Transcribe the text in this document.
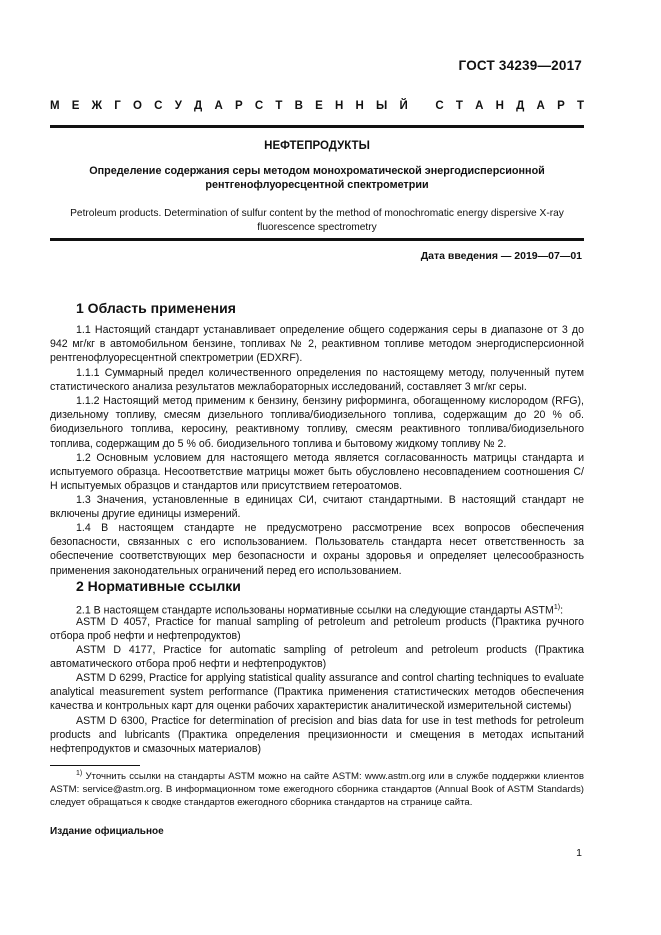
ГОСТ 34239—2017
М Е Ж Г О С У Д А Р С Т В Е Н Н Ы Й
С Т А Н Д А Р Т
НЕФТЕПРОДУКТЫ
Определение содержания серы методом монохроматической энергодисперсионной рентгенофлуоресцентной спектрометрии
Petroleum products. Determination of sulfur content by the method of monochromatic energy dispersive X-ray fluorescence spectrometry
Дата введения — 2019—07—01
1 Область применения

1.1 Настоящий стандарт устанавливает определение общего содержания серы в диапазоне от 3 до 942 мг/кг в автомобильном бензине, топливах № 2, реактивном топливе методом энергодисперсионной рентгенофлуоресцентной спектрометрии (EDXRF).

1.1.1 Суммарный предел количественного определения по настоящему методу, полученный путем статистического анализа результатов межлабораторных исследований, составляет 3 мг/кг серы.

1.1.2 Настоящий метод применим к бензину, бензину риформинга, обогащенному кислородом (RFG), дизельному топливу, смесям дизельного топлива/биодизельного топлива, содержащим до 20 % об. биодизельного топлива, керосину, реактивному топливу, смесям реактивного топлива/биодизельного топлива, содержащим до 5 % об. биодизельного топлива и бытовому жидкому топливу № 2.

1.2 Основным условием для настоящего метода является согласованность матрицы стандарта и испытуемого образца. Несоответствие матрицы может быть обусловлено несовпадением соотношения С/Н испытуемых образцов и стандартов или присутствием гетероатомов.

1.3 Значения, установленные в единицах СИ, считают стандартными. В настоящий стандарт не включены другие единицы измерений.

1.4 В настоящем стандарте не предусмотрено рассмотрение всех вопросов обеспечения безопасности, связанных с его использованием. Пользователь стандарта несет ответственность за обеспечение соответствующих мер безопасности и охраны здоровья и определяет целесообразность применения законодательных ограничений перед его использованием.

2 Нормативные ссылки

2.1 В настоящем стандарте использованы нормативные ссылки на следующие стандарты ASTM$^{1)}$:

ASTM D 4057, Practice for manual sampling of petroleum and petroleum products (Практика ручного отбора проб нефти и нефтепродуктов)

ASTM D 4177, Practice for automatic sampling of petroleum and petroleum products (Практика автоматического отбора проб нефти и нефтепродуктов)

ASTM D 6299, Practice for applying statistical quality assurance and control charting techniques to evaluate analytical measurement system performance (Практика применения статистических методов обеспечения качества и контрольных карт для оценки рабочих характеристик аналитической измерительной системы)

ASTM D 6300, Practice for determination of precision and bias data for use in test methods for petroleum products and lubricants (Практика определения прецизионности и смещения в методах испытаний нефтепродуктов и смазочных материалов)

$^{1)}$ Уточнить ссылки на стандарты ASTM можно на сайте ASTM: www.astm.org или в службе поддержки клиентов ASTM: service@astm.org. В информационном томе ежегодного сборника стандартов (Annual Book of ASTM Standards) следует обращаться к сводке стандартов ежегодного сборника стандартов на странице сайта.
Издание официальное
1
